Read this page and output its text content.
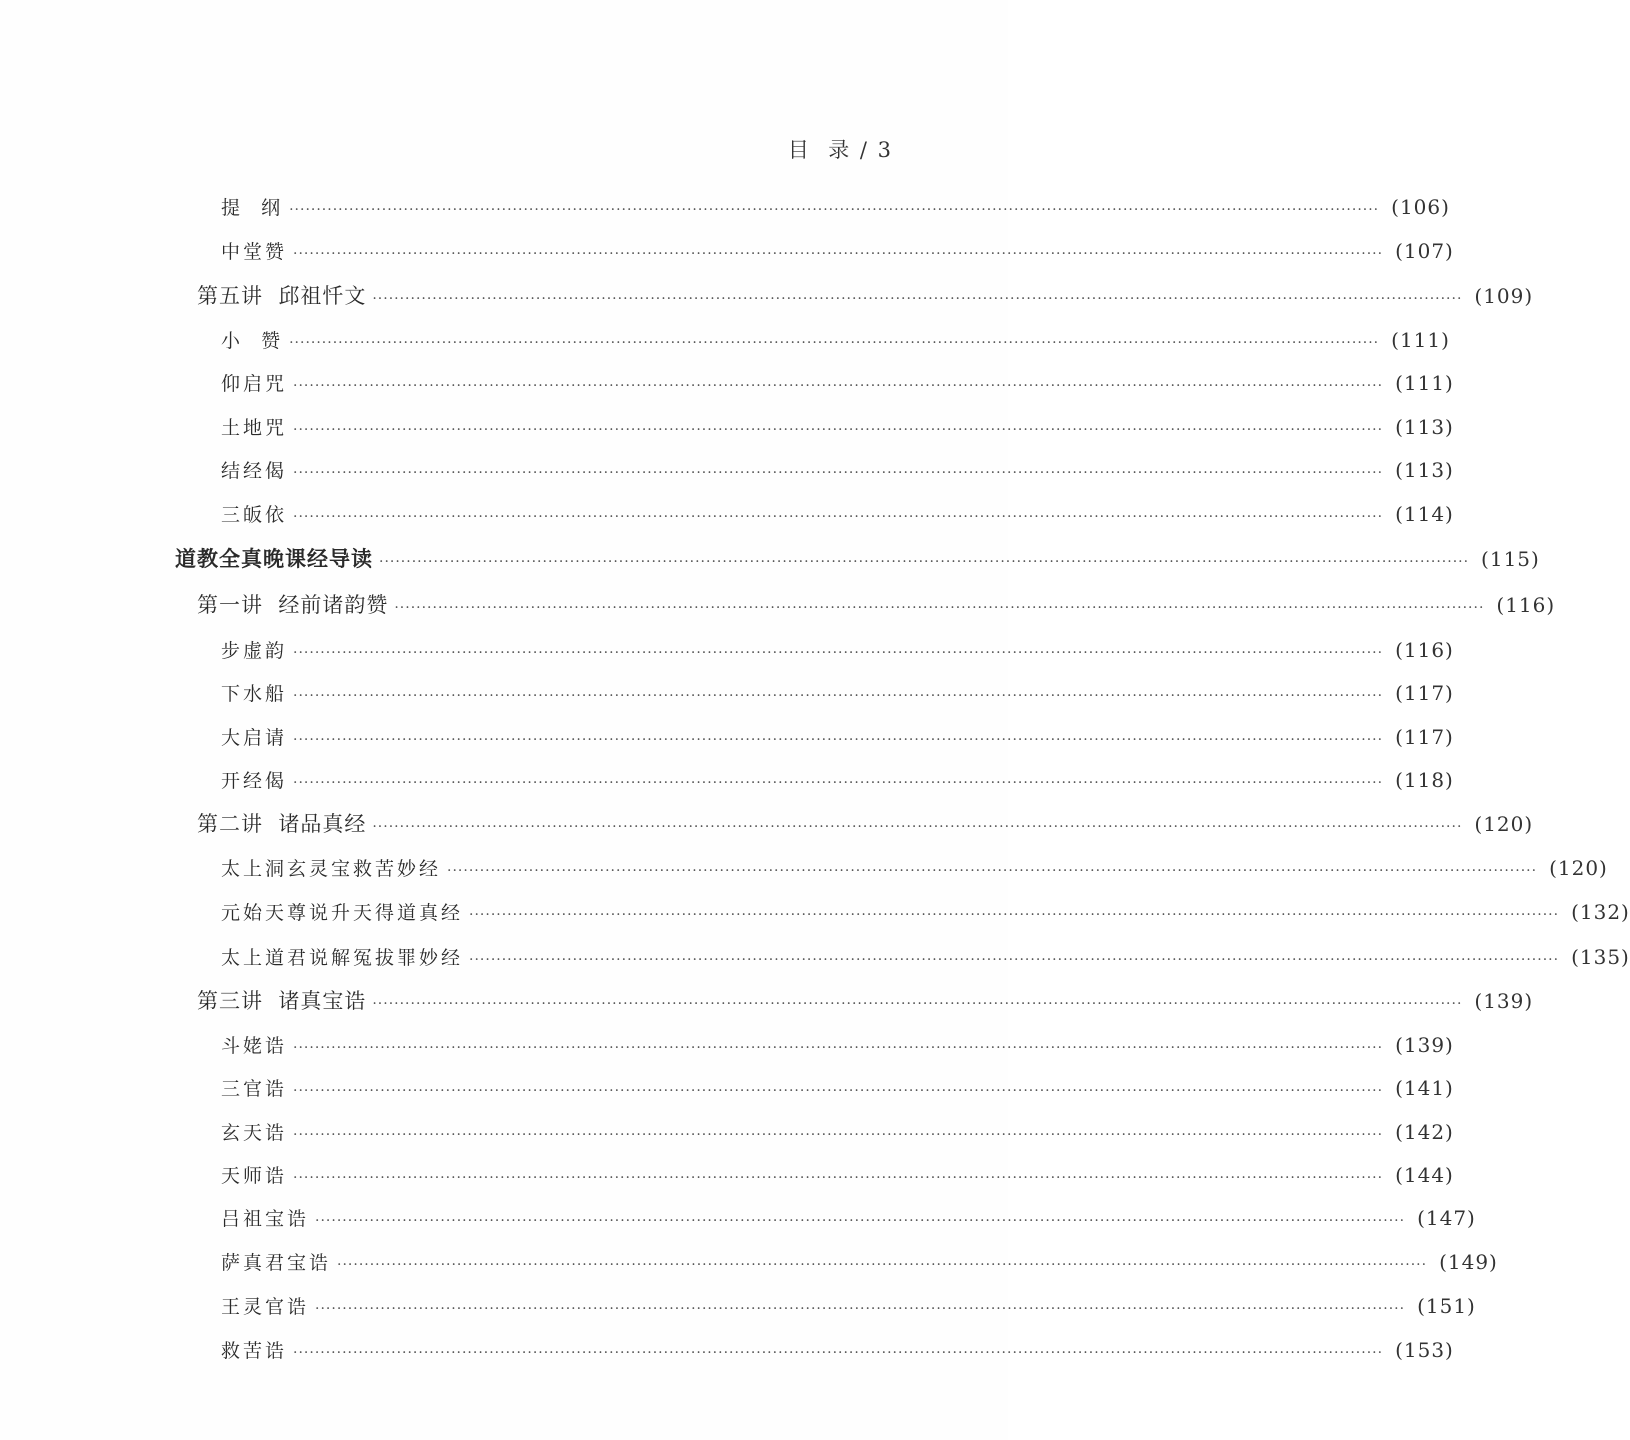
目  录 / 3
提  纲 ········································································································································································································ (106)
中堂赞 ········································································································································································································ (107)
第五讲  邱祖忏文 ········································································································································································································ (109)
小  赞 ········································································································································································································ (111)
仰启咒 ········································································································································································································ (111)
土地咒 ········································································································································································································ (113)
结经偈 ········································································································································································································ (113)
三皈依 ········································································································································································································ (114)
道教全真晚课经导读 ········································································································································································································ (115)
第一讲  经前诸韵赞 ········································································································································································································ (116)
步虚韵 ········································································································································································································ (116)
下水船 ········································································································································································································ (117)
大启请 ········································································································································································································ (117)
开经偈 ········································································································································································································ (118)
第二讲  诸品真经 ········································································································································································································ (120)
太上洞玄灵宝救苦妙经 ········································································································································································································ (120)
元始天尊说升天得道真经 ········································································································································································································ (132)
太上道君说解冤拔罪妙经 ········································································································································································································ (135)
第三讲  诸真宝诰 ········································································································································································································ (139)
斗姥诰 ········································································································································································································ (139)
三官诰 ········································································································································································································ (141)
玄天诰 ········································································································································································································ (142)
天师诰 ········································································································································································································ (144)
吕祖宝诰 ········································································································································································································ (147)
萨真君宝诰 ········································································································································································································ (149)
王灵官诰 ········································································································································································································ (151)
救苦诰 ········································································································································································································ (153)
